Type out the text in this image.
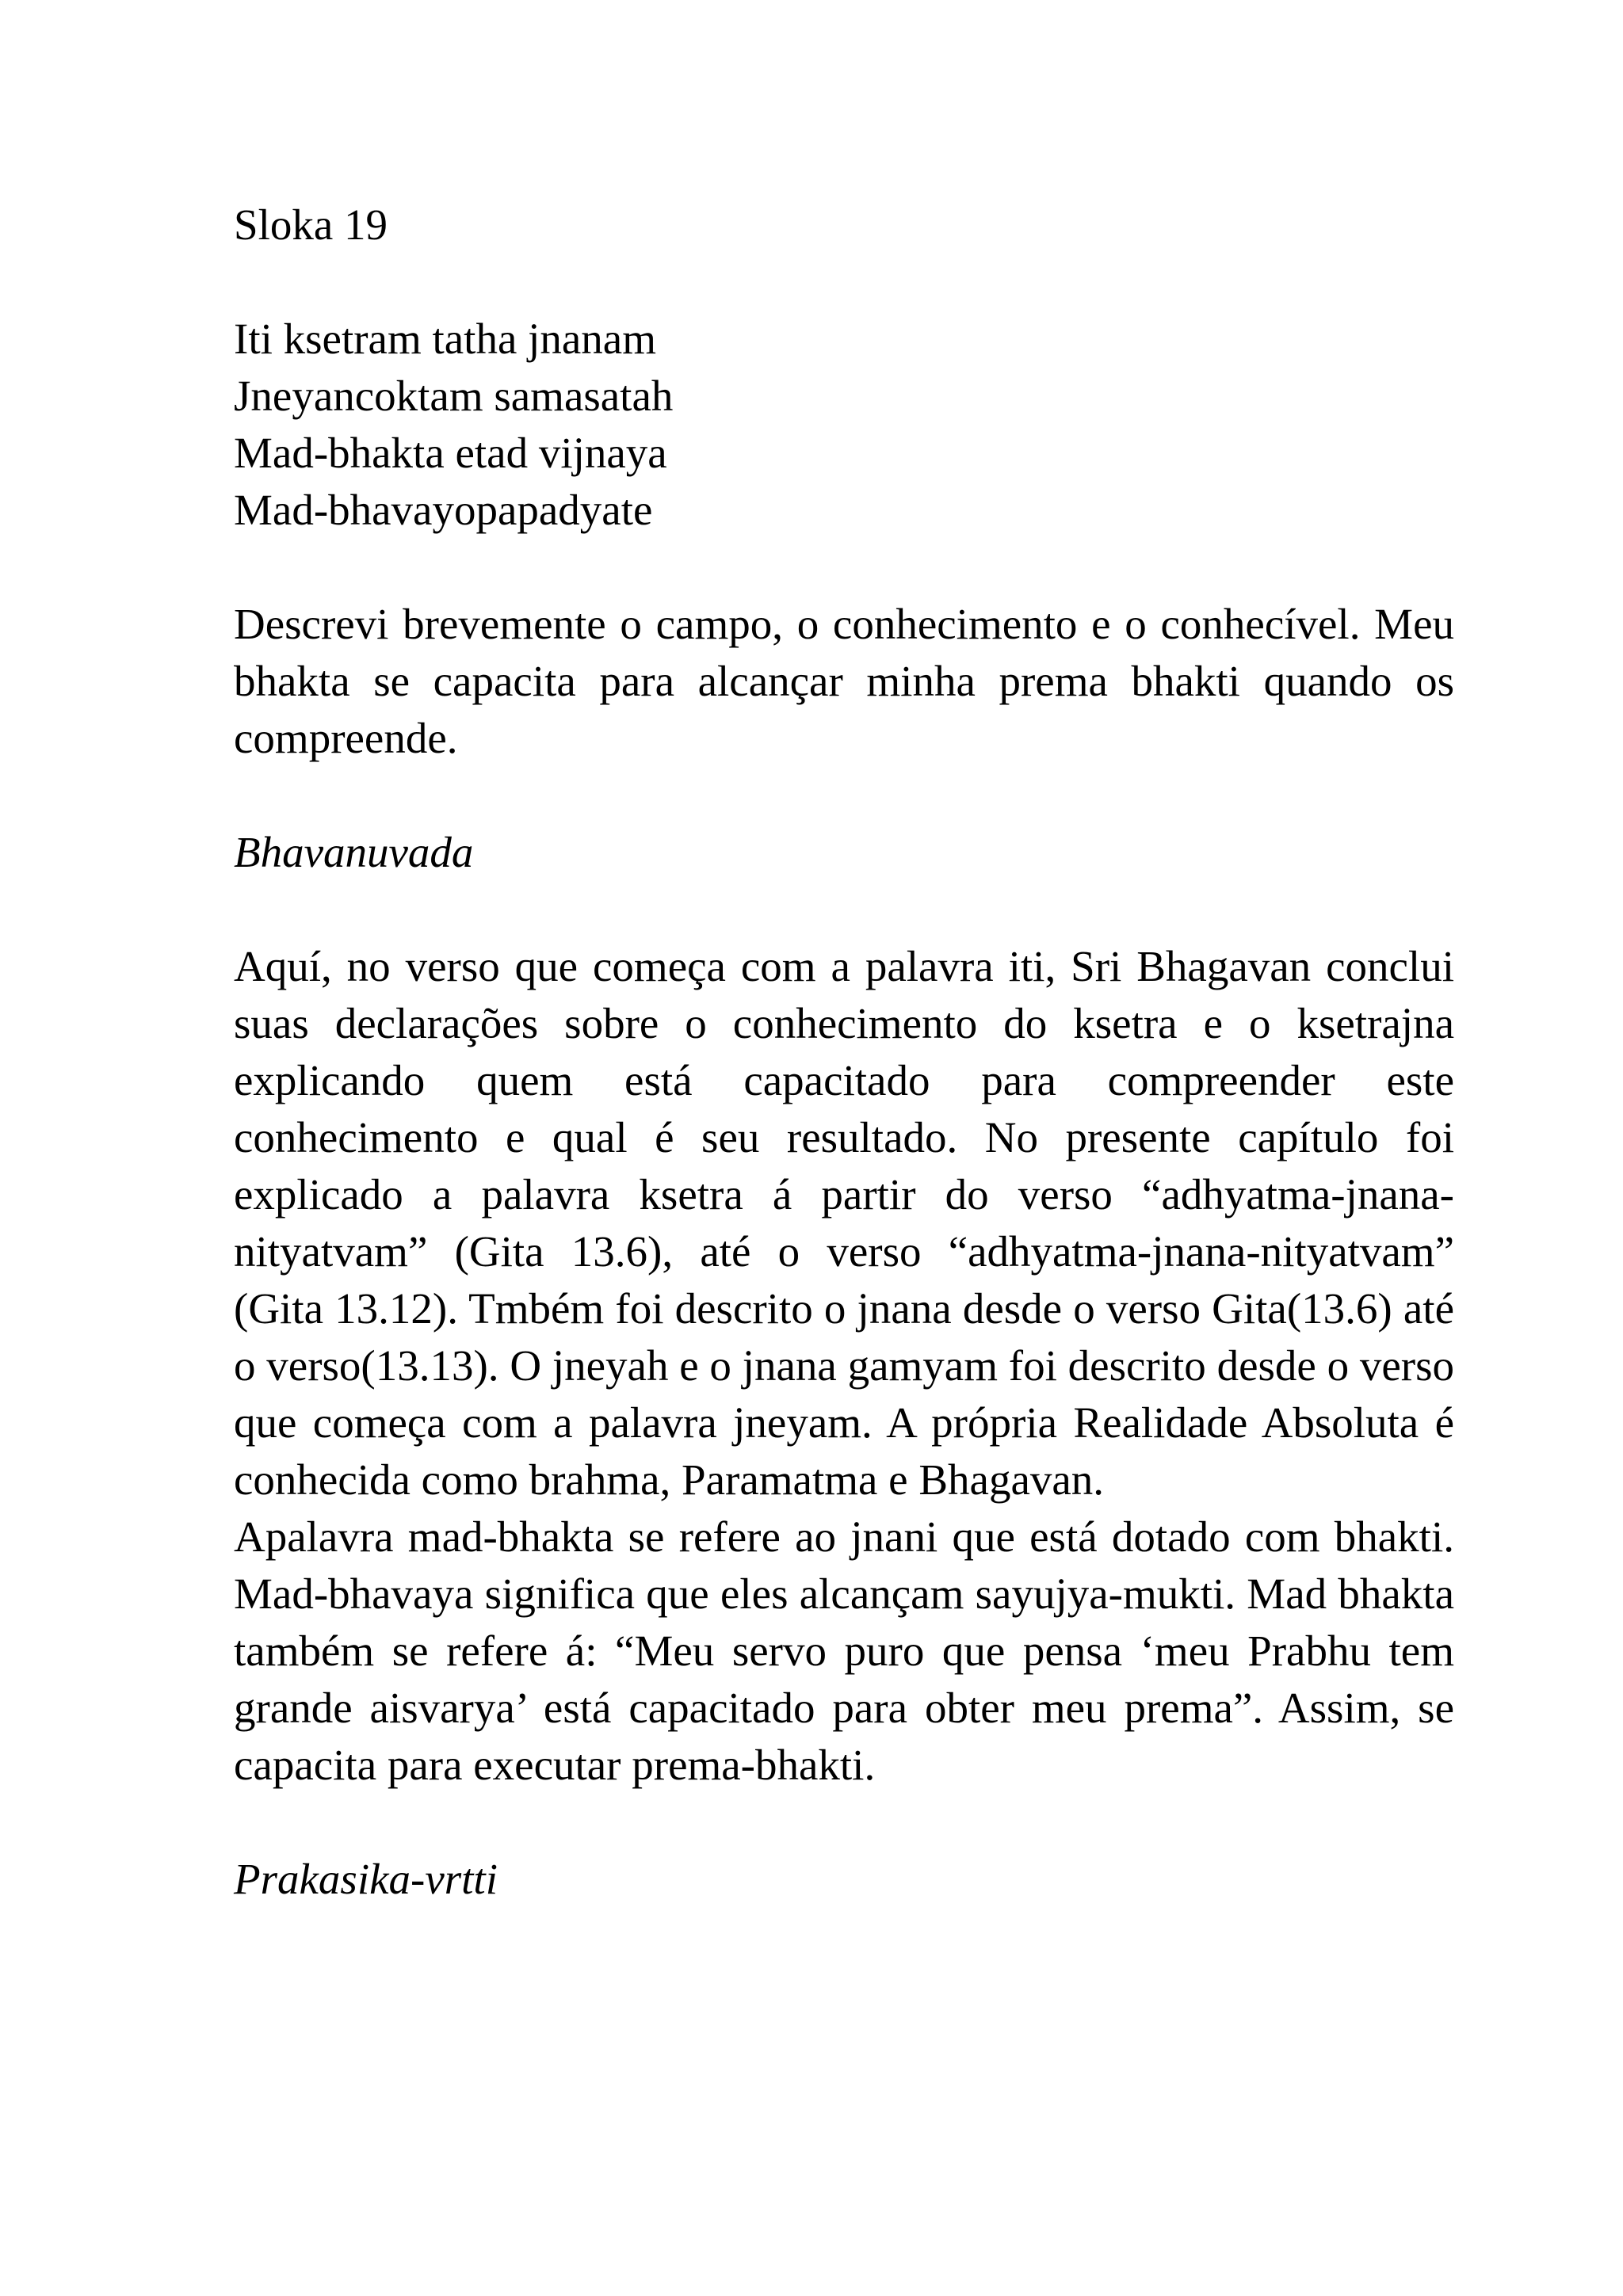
Sloka 19

Iti ksetram tatha jnanam
Jneyancoktam samasatah
Mad-bhakta etad vijnaya
Mad-bhavayopapadyate

Descrevi brevemente o campo, o conhecimento e o conhecível. Meu bhakta se capacita para alcançar minha prema bhakti quando os compreende.

Bhavanuvada

Aquí, no verso que começa com a palavra iti, Sri Bhagavan conclui suas declarações sobre o conhecimento do ksetra e o ksetrajna explicando quem está capacitado para compreender este conhecimento e qual é seu resultado. No presente capítulo foi explicado a palavra ksetra á partir do verso “adhyatma-jnana-nityatvam” (Gita 13.6), até o verso “adhyatma-jnana-nityatvam” (Gita 13.12). Tmbém foi descrito o jnana desde o verso Gita(13.6) até o verso(13.13). O jneyah e o jnana gamyam foi descrito desde o verso que começa com a palavra jneyam. A própria Realidade Absoluta é conhecida como brahma, Paramatma e Bhagavan.

Apalavra mad-bhakta se refere ao jnani que está dotado com bhakti. Mad-bhavaya significa que eles alcançam sayujya-mukti. Mad bhakta também se refere á: “Meu servo puro que pensa ‘meu Prabhu tem grande aisvarya’ está capacitado para obter meu prema”. Assim, se capacita para executar prema-bhakti.

Prakasika-vrtti
